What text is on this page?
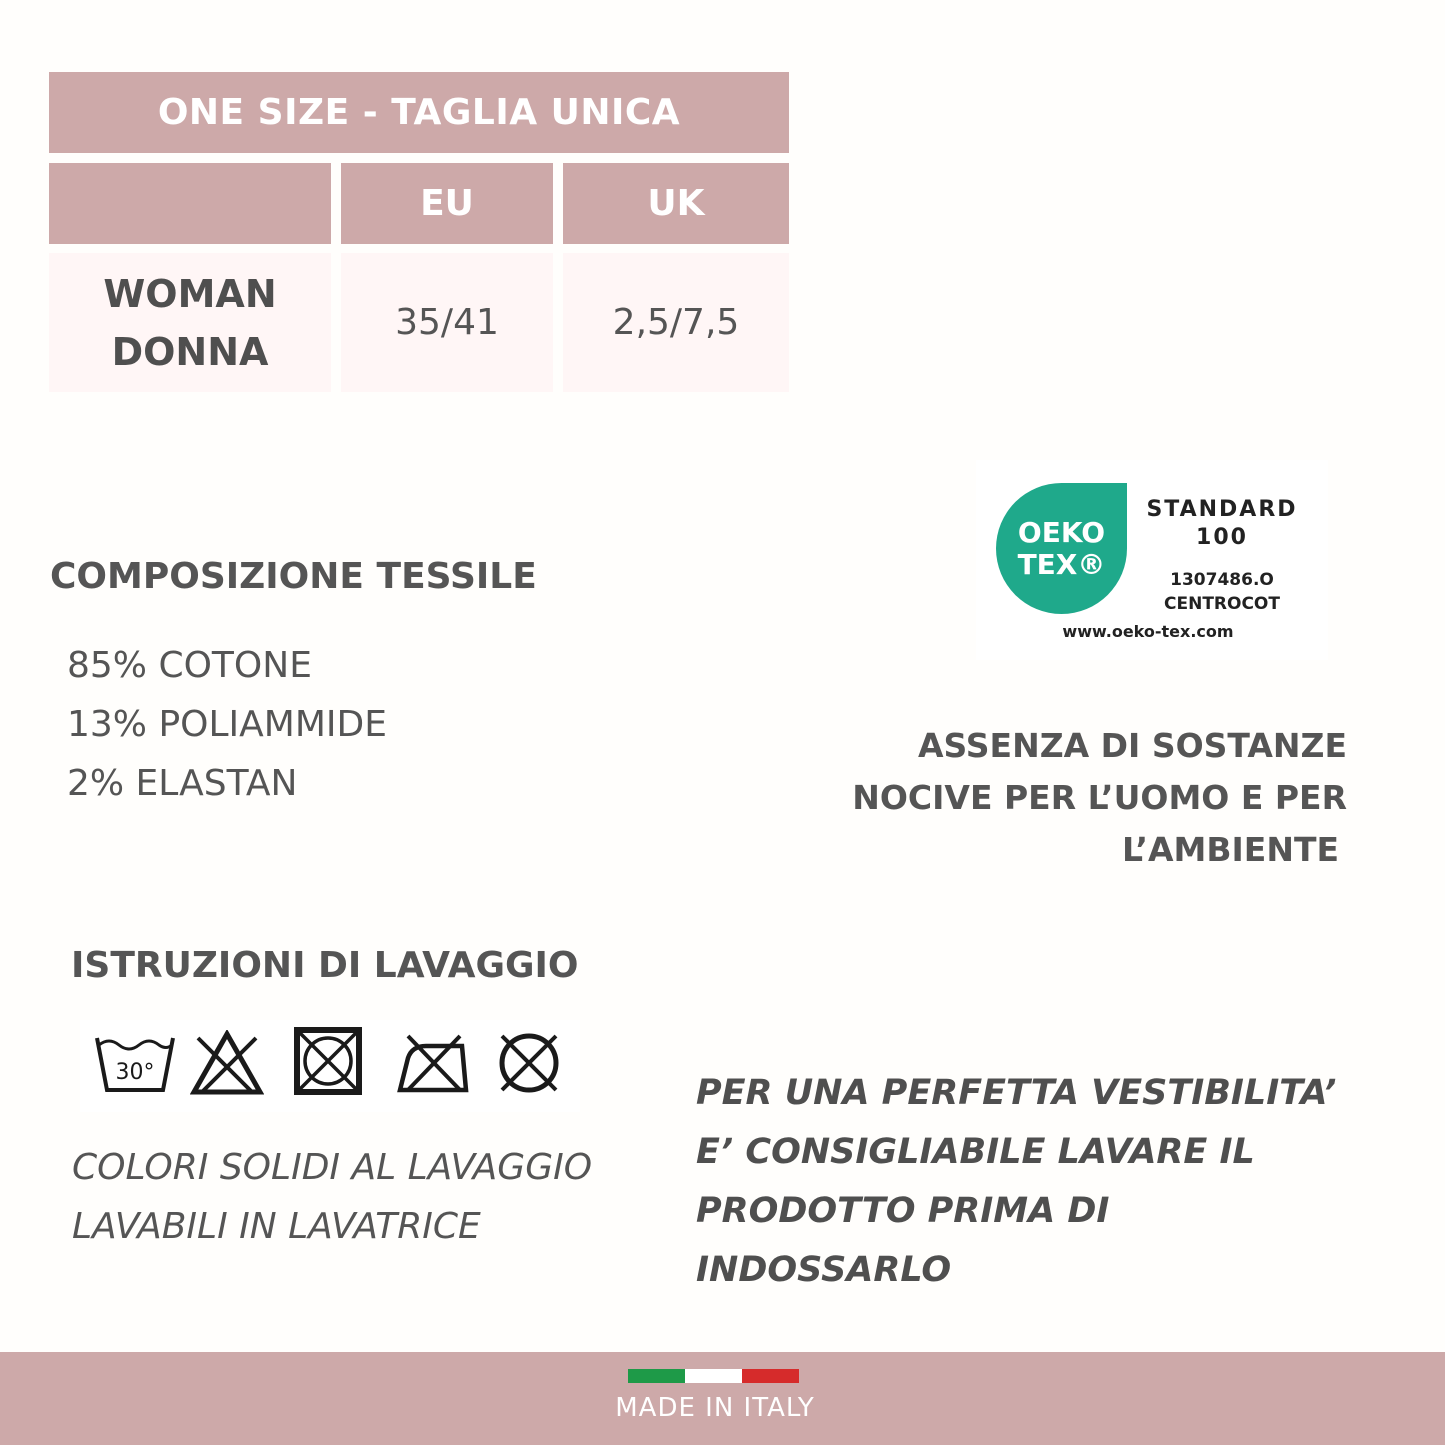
ONE SIZE - TAGLIA UNICA
EU	UK
WOMAN
DONNA
35/41	2,5/7,5
COMPOSIZIONE TESSILE
85% COTONE
13% POLIAMMIDE
2% ELASTAN
OEKO
TEX®
STANDARD
100
1307486.O
CENTROCOT
www.oeko-tex.com
ASSENZA DI SOSTANZE
NOCIVE PER L’UOMO E PER
L’AMBIENTE
ISTRUZIONI DI LAVAGGIO
30°
COLORI SOLIDI AL LAVAGGIO
LAVABILI IN LAVATRICE
PER UNA PERFETTA VESTIBILITA’
E’ CONSIGLIABILE LAVARE IL
PRODOTTO PRIMA DI INDOSSARLO
MADE IN ITALY
